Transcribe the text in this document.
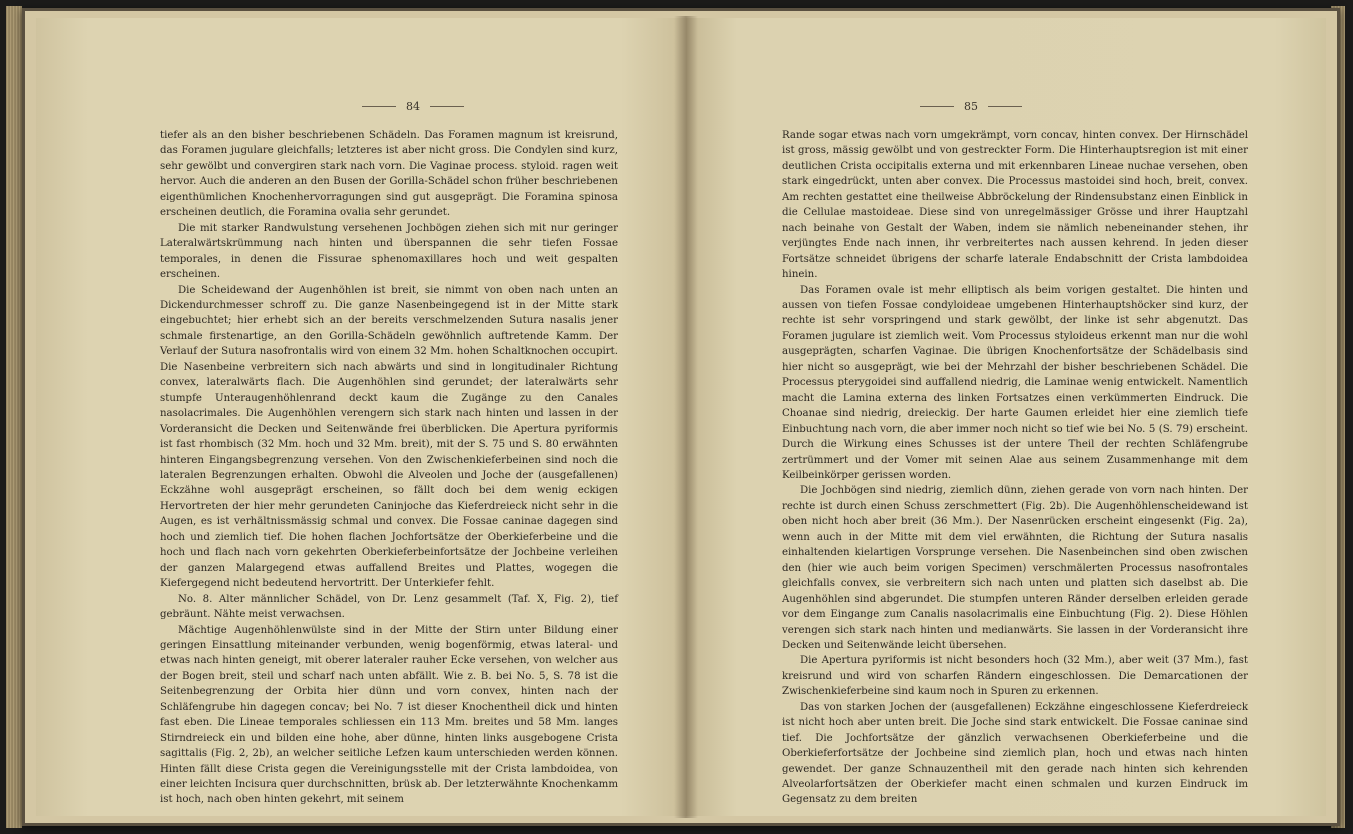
84

tiefer als an den bisher beschriebenen Schädeln. Das Foramen magnum ist kreisrund, das Foramen jugulare gleichfalls; letzteres ist aber nicht gross. Die Condylen sind kurz, sehr gewölbt und convergiren stark nach vorn. Die Vaginae process. styloid. ragen weit hervor. Auch die anderen an den Busen der Gorilla-Schädel schon früher beschriebenen eigenthümlichen Knochenhervorragungen sind gut ausgeprägt. Die Foramina spinosa erscheinen deutlich, die Foramina ovalia sehr gerundet.

Die mit starker Randwulstung versehenen Jochbögen ziehen sich mit nur geringer Lateralwärtskrümmung nach hinten und überspannen die sehr tiefen Fossae temporales, in denen die Fissurae sphenomaxillares hoch und weit gespalten erscheinen.

Die Scheidewand der Augenhöhlen ist breit, sie nimmt von oben nach unten an Dickendurchmesser schroff zu. Die ganze Nasenbeingegend ist in der Mitte stark eingebuchtet; hier erhebt sich an der bereits verschmelzenden Sutura nasalis jener schmale firstenartige, an den Gorilla-Schädeln gewöhnlich auftretende Kamm. Der Verlauf der Sutura nasofrontalis wird von einem 32 Mm. hohen Schaltknochen occupirt. Die Nasenbeine verbreitern sich nach abwärts und sind in longitudinaler Richtung convex, lateralwärts flach. Die Augenhöhlen sind gerundet; der lateralwärts sehr stumpfe Unteraugenhöhlenrand deckt kaum die Zugänge zu den Canales nasolacrimales. Die Augenhöhlen verengern sich stark nach hinten und lassen in der Vorderansicht die Decken und Seitenwände frei überblicken. Die Apertura pyriformis ist fast rhombisch (32 Mm. hoch und 32 Mm. breit), mit der S. 75 und S. 80 erwähnten hinteren Eingangsbegrenzung versehen. Von den Zwischenkieferbeinen sind noch die lateralen Begrenzungen erhalten. Obwohl die Alveolen und Joche der (ausgefallenen) Eckzähne wohl ausgeprägt erscheinen, so fällt doch bei dem wenig eckigen Hervortreten der hier mehr gerundeten Caninjoche das Kieferdreieck nicht sehr in die Augen, es ist verhältnissmässig schmal und convex. Die Fossae caninae dagegen sind hoch und ziemlich tief. Die hohen flachen Jochfortsätze der Oberkieferbeine und die hoch und flach nach vorn gekehrten Oberkieferbeinfortsätze der Jochbeine verleihen der ganzen Malargegend etwas auffallend Breites und Plattes, wogegen die Kiefergegend nicht bedeutend hervortritt. Der Unterkiefer fehlt.

No. 8. Alter männlicher Schädel, von Dr. Lenz gesammelt (Taf. X, Fig. 2), tief gebräunt. Nähte meist verwachsen.

Mächtige Augenhöhlenwülste sind in der Mitte der Stirn unter Bildung einer geringen Einsattlung miteinander verbunden, wenig bogenförmig, etwas lateral- und etwas nach hinten geneigt, mit oberer lateraler rauher Ecke versehen, von welcher aus der Bogen breit, steil und scharf nach unten abfällt. Wie z. B. bei No. 5, S. 78 ist die Seitenbegrenzung der Orbita hier dünn und vorn convex, hinten nach der Schläfengrube hin dagegen concav; bei No. 7 ist dieser Knochentheil dick und hinten fast eben. Die Lineae temporales schliessen ein 113 Mm. breites und 58 Mm. langes Stirndreieck ein und bilden eine hohe, aber dünne, hinten links ausgebogene Crista sagittalis (Fig. 2, 2b), an welcher seitliche Lefzen kaum unterschieden werden können. Hinten fällt diese Crista gegen die Vereinigungsstelle mit der Crista lambdoidea, von einer leichten Incisura quer durchschnitten, brüsk ab. Der letzterwähnte Knochenkamm ist hoch, nach oben hinten gekehrt, mit seinem

85

Rande sogar etwas nach vorn umgekrämpt, vorn concav, hinten convex. Der Hirnschädel ist gross, mässig gewölbt und von gestreckter Form. Die Hinterhauptsregion ist mit einer deutlichen Crista occipitalis externa und mit erkennbaren Lineae nuchae versehen, oben stark eingedrückt, unten aber convex. Die Processus mastoidei sind hoch, breit, convex. Am rechten gestattet eine theilweise Abbröckelung der Rindensubstanz einen Einblick in die Cellulae mastoideae. Diese sind von unregelmässiger Grösse und ihrer Hauptzahl nach beinahe von Gestalt der Waben, indem sie nämlich nebeneinander stehen, ihr verjüngtes Ende nach innen, ihr verbreitertes nach aussen kehrend. In jeden dieser Fortsätze schneidet übrigens der scharfe laterale Endabschnitt der Crista lambdoidea hinein.

Das Foramen ovale ist mehr elliptisch als beim vorigen gestaltet. Die hinten und aussen von tiefen Fossae condyloideae umgebenen Hinterhauptshöcker sind kurz, der rechte ist sehr vorspringend und stark gewölbt, der linke ist sehr abgenutzt. Das Foramen jugulare ist ziemlich weit. Vom Processus styloideus erkennt man nur die wohl ausgeprägten, scharfen Vaginae. Die übrigen Knochenfortsätze der Schädelbasis sind hier nicht so ausgeprägt, wie bei der Mehrzahl der bisher beschriebenen Schädel. Die Processus pterygoidei sind auffallend niedrig, die Laminae wenig entwickelt. Namentlich macht die Lamina externa des linken Fortsatzes einen verkümmerten Eindruck. Die Choanae sind niedrig, dreieckig. Der harte Gaumen erleidet hier eine ziemlich tiefe Einbuchtung nach vorn, die aber immer noch nicht so tief wie bei No. 5 (S. 79) erscheint. Durch die Wirkung eines Schusses ist der untere Theil der rechten Schläfengrube zertrümmert und der Vomer mit seinen Alae aus seinem Zusammenhange mit dem Keilbeinkörper gerissen worden.

Die Jochbögen sind niedrig, ziemlich dünn, ziehen gerade von vorn nach hinten. Der rechte ist durch einen Schuss zerschmettert (Fig. 2b). Die Augenhöhlenscheidewand ist oben nicht hoch aber breit (36 Mm.). Der Nasenrücken erscheint eingesenkt (Fig. 2a), wenn auch in der Mitte mit dem viel erwähnten, die Richtung der Sutura nasalis einhaltenden kielartigen Vorsprunge versehen. Die Nasenbeinchen sind oben zwischen den (hier wie auch beim vorigen Specimen) verschmälerten Processus nasofrontales gleichfalls convex, sie verbreitern sich nach unten und platten sich daselbst ab. Die Augenhöhlen sind abgerundet. Die stumpfen unteren Ränder derselben erleiden gerade vor dem Eingange zum Canalis nasolacrimalis eine Einbuchtung (Fig. 2). Diese Höhlen verengen sich stark nach hinten und medianwärts. Sie lassen in der Vorderansicht ihre Decken und Seitenwände leicht übersehen.

Die Apertura pyriformis ist nicht besonders hoch (32 Mm.), aber weit (37 Mm.), fast kreisrund und wird von scharfen Rändern eingeschlossen. Die Demarcationen der Zwischenkieferbeine sind kaum noch in Spuren zu erkennen.

Das von starken Jochen der (ausgefallenen) Eckzähne eingeschlossene Kieferdreieck ist nicht hoch aber unten breit. Die Joche sind stark entwickelt. Die Fossae caninae sind tief. Die Jochfortsätze der gänzlich verwachsenen Oberkieferbeine und die Oberkieferfortsätze der Jochbeine sind ziemlich plan, hoch und etwas nach hinten gewendet. Der ganze Schnauzentheil mit den gerade nach hinten sich kehrenden Alveolarfortsätzen der Oberkiefer macht einen schmalen und kurzen Eindruck im Gegensatz zu dem breiten
